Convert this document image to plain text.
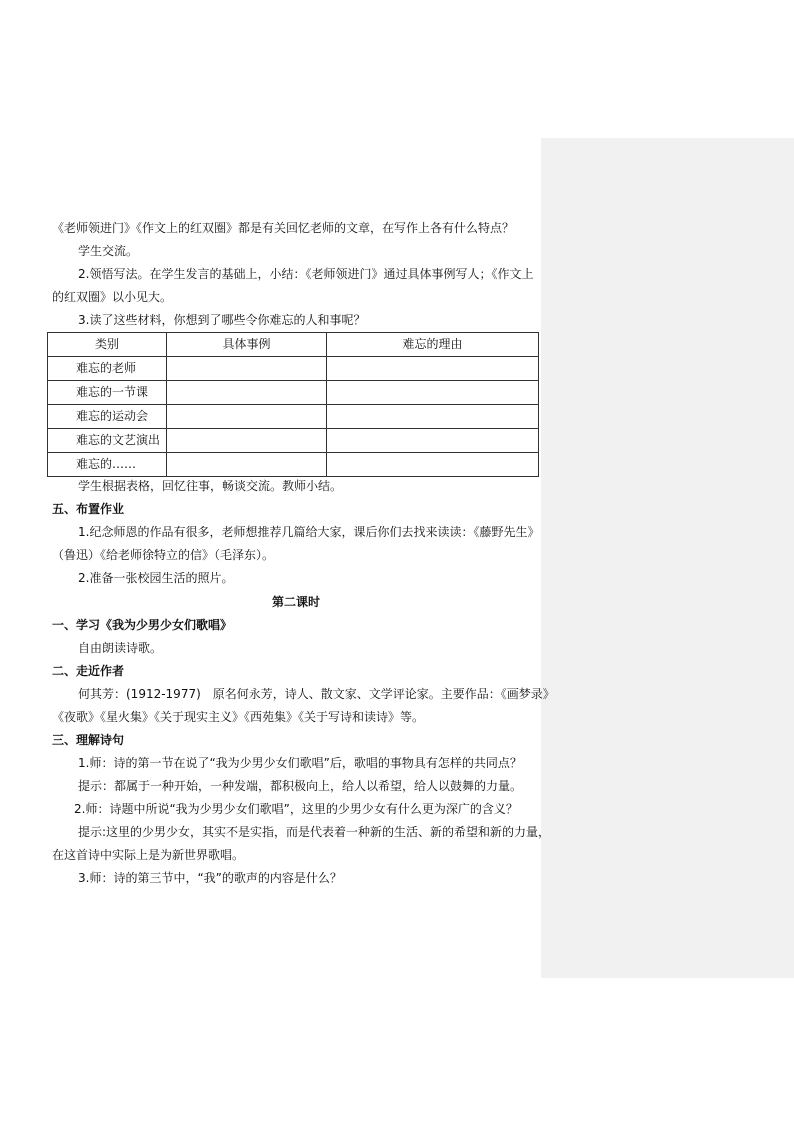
《老师领进门》《作文上的红双圈》都是有关回忆老师的文章，在写作上各有什么特点？
学生交流。
2.领悟写法。在学生发言的基础上，小结：《老师领进门》通过具体事例写人；《作文上
的红双圈》以小见大。
3.读了这些材料，你想到了哪些令你难忘的人和事呢？
类别	具体事例	难忘的理由
难忘的老师		
难忘的一节课		
难忘的运动会		
难忘的文艺演出		
难忘的……		
学生根据表格，回忆往事，畅谈交流。教师小结。
五、布置作业
1.纪念师恩的作品有很多，老师想推荐几篇给大家，课后你们去找来读读：《藤野先生》
（鲁迅）《给老师徐特立的信》（毛泽东）。
2.准备一张校园生活的照片。
第二课时
一、学习《我为少男少女们歌唱》
自由朗读诗歌。
二、走近作者
何其芳：(1912-1977)　原名何永芳，诗人、散文家、文学评论家。主要作品：《画梦录》
《夜歌》《星火集》《关于现实主义》《西苑集》《关于写诗和读诗》等。
三、理解诗句
1.师：诗的第一节在说了“我为少男少女们歌唱”后，歌唱的事物具有怎样的共同点？
提示：都属于一种开始，一种发端，都积极向上，给人以希望，给人以鼓舞的力量。
2.师：诗题中所说“我为少男少女们歌唱”，这里的少男少女有什么更为深广的含义？
提示:这里的少男少女，其实不是实指，而是代表着一种新的生活、新的希望和新的力量，
在这首诗中实际上是为新世界歌唱。
3.师：诗的第三节中，“我”的歌声的内容是什么？
